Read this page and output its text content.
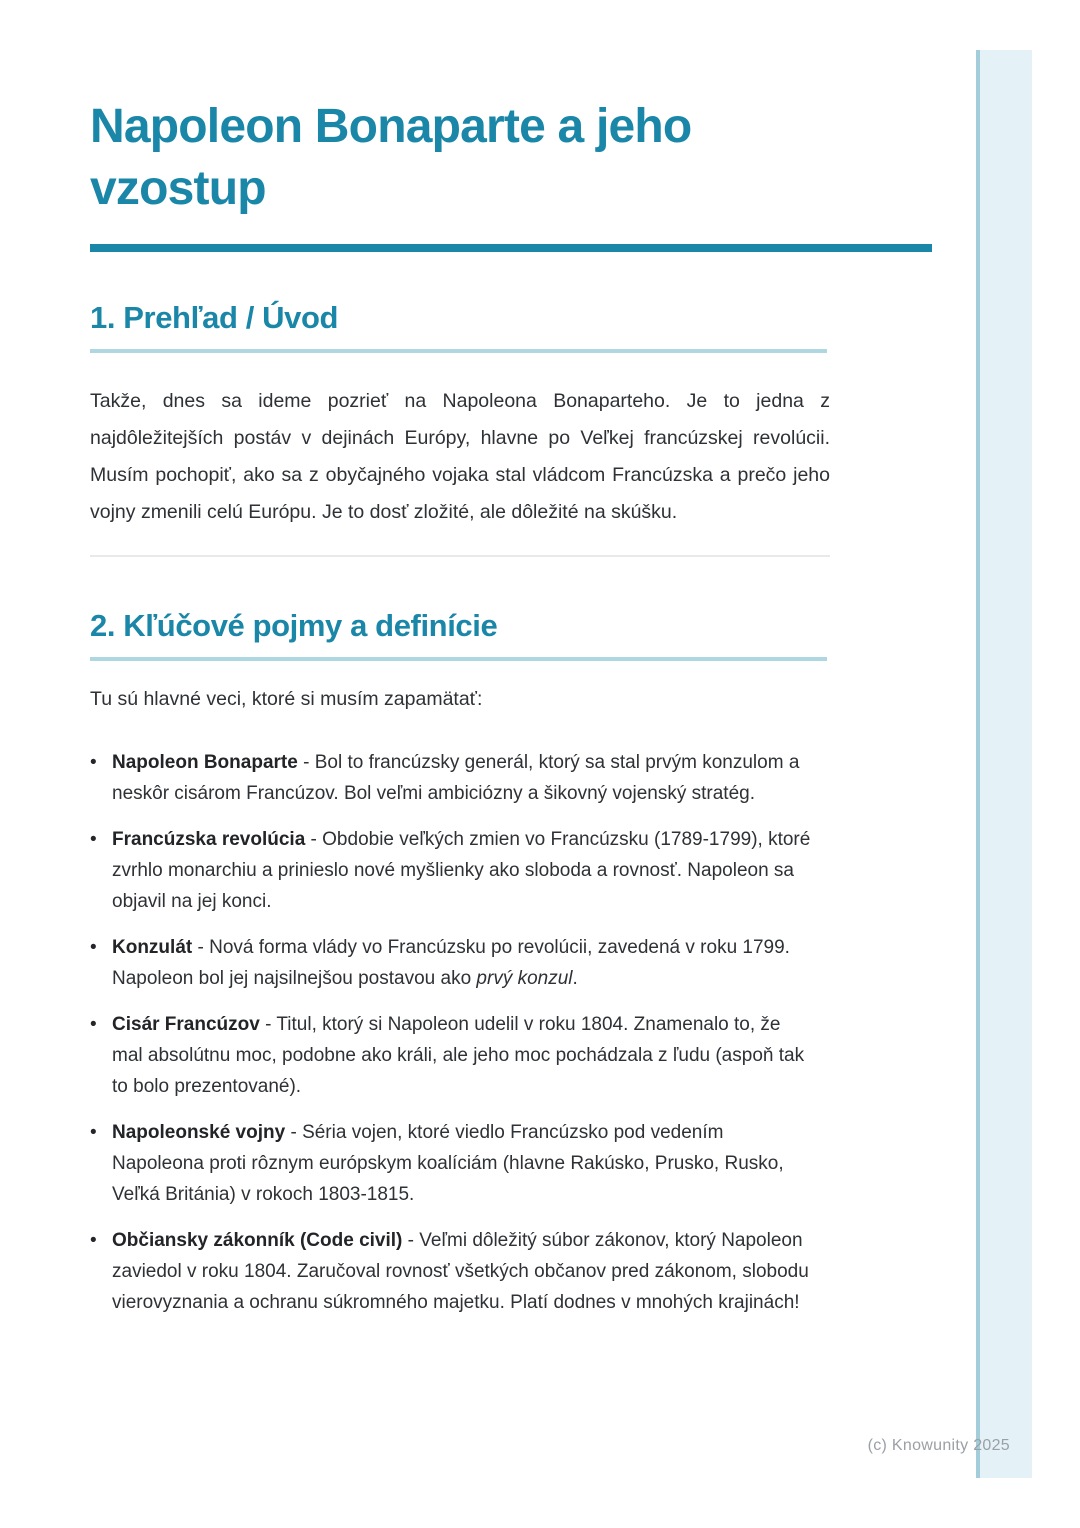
Napoleon Bonaparte a jeho vzostup
1. Prehľad / Úvod

Takže, dnes sa ideme pozrieť na Napoleona Bonaparteho. Je to jedna z najdôležitejších postáv v dejinách Európy, hlavne po Veľkej francúzskej revolúcii. Musím pochopiť, ako sa z obyčajného vojaka stal vládcom Francúzska a prečo jeho vojny zmenili celú Európu. Je to dosť zložité, ale dôležité na skúšku.

2. Kľúčové pojmy a definície

Tu sú hlavné veci, ktoré si musím zapamätať:

• Napoleon Bonaparte - Bol to francúzsky generál, ktorý sa stal prvým konzulom a neskôr cisárom Francúzov. Bol veľmi ambiciózny a šikovný vojenský stratég.

• Francúzska revolúcia - Obdobie veľkých zmien vo Francúzsku (1789-1799), ktoré zvrhlo monarchiu a prinieslo nové myšlienky ako sloboda a rovnosť. Napoleon sa objavil na jej konci.

• Konzulát - Nová forma vlády vo Francúzsku po revolúcii, zavedená v roku 1799. Napoleon bol jej najsilnejšou postavou ako prvý konzul.

• Cisár Francúzov - Titul, ktorý si Napoleon udelil v roku 1804. Znamenalo to, že mal absolútnu moc, podobne ako králi, ale jeho moc pochádzala z ľudu (aspoň tak to bolo prezentované).

• Napoleonské vojny - Séria vojen, ktoré viedlo Francúzsko pod vedením Napoleona proti rôznym európskym koalíciám (hlavne Rakúsko, Prusko, Rusko, Veľká Británia) v rokoch 1803-1815.

• Občiansky zákonník (Code civil) - Veľmi dôležitý súbor zákonov, ktorý Napoleon zaviedol v roku 1804. Zaručoval rovnosť všetkých občanov pred zákonom, slobodu vierovyznania a ochranu súkromného majetku. Platí dodnes v mnohých krajinách!

(c) Knowunity 2025
